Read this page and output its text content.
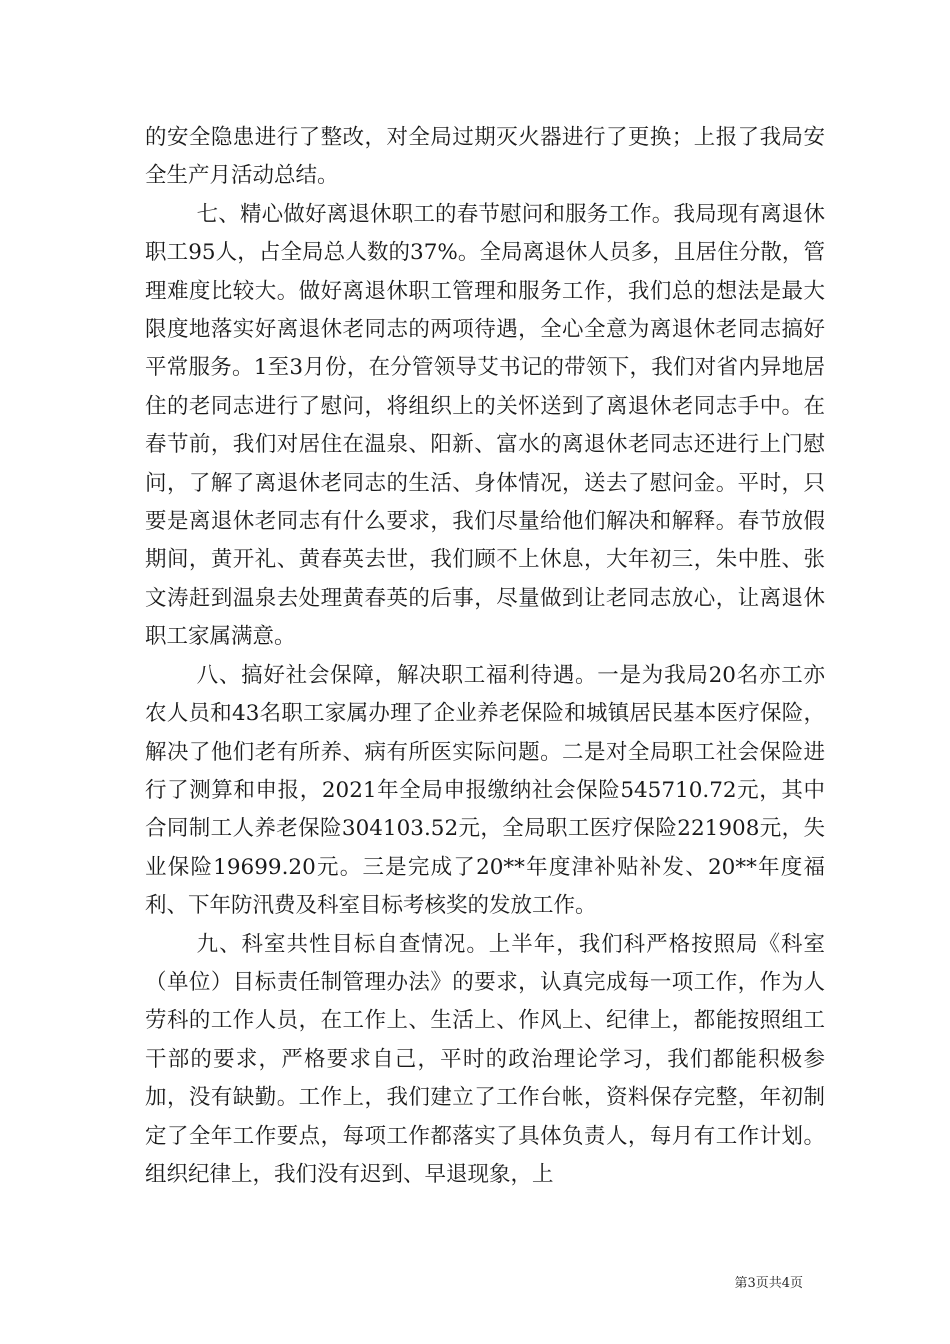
的安全隐患进行了整改，对全局过期灭火器进行了更换；上报了我局安全生产月活动总结。

七、精心做好离退休职工的春节慰问和服务工作。我局现有离退休职工95人，占全局总人数的37%。全局离退休人员多，且居住分散，管理难度比较大。做好离退休职工管理和服务工作，我们总的想法是最大限度地落实好离退休老同志的两项待遇，全心全意为离退休老同志搞好平常服务。1至3月份，在分管领导艾书记的带领下，我们对省内异地居住的老同志进行了慰问，将组织上的关怀送到了离退休老同志手中。在春节前，我们对居住在温泉、阳新、富水的离退休老同志还进行上门慰问，了解了离退休老同志的生活、身体情况，送去了慰问金。平时，只要是离退休老同志有什么要求，我们尽量给他们解决和解释。春节放假期间，黄开礼、黄春英去世，我们顾不上休息，大年初三，朱中胜、张文涛赶到温泉去处理黄春英的后事，尽量做到让老同志放心，让离退休职工家属满意。

八、搞好社会保障，解决职工福利待遇。一是为我局20名亦工亦农人员和43名职工家属办理了企业养老保险和城镇居民基本医疗保险，解决了他们老有所养、病有所医实际问题。二是对全局职工社会保险进行了测算和申报，2021年全局申报缴纳社会保险545710.72元，其中合同制工人养老保险304103.52元，全局职工医疗保险221908元，失业保险19699.20元。三是完成了20**年度津补贴补发、20**年度福利、下年防汛费及科室目标考核奖的发放工作。

九、科室共性目标自查情况。上半年，我们科严格按照局《科室（单位）目标责任制管理办法》的要求，认真完成每一项工作，作为人劳科的工作人员，在工作上、生活上、作风上、纪律上，都能按照组工干部的要求，严格要求自己，平时的政治理论学习，我们都能积极参加，没有缺勤。工作上，我们建立了工作台帐，资料保存完整，年初制定了全年工作要点，每项工作都落实了具体负责人，每月有工作计划。组织纪律上，我们没有迟到、早退现象，上

第3页共4页
